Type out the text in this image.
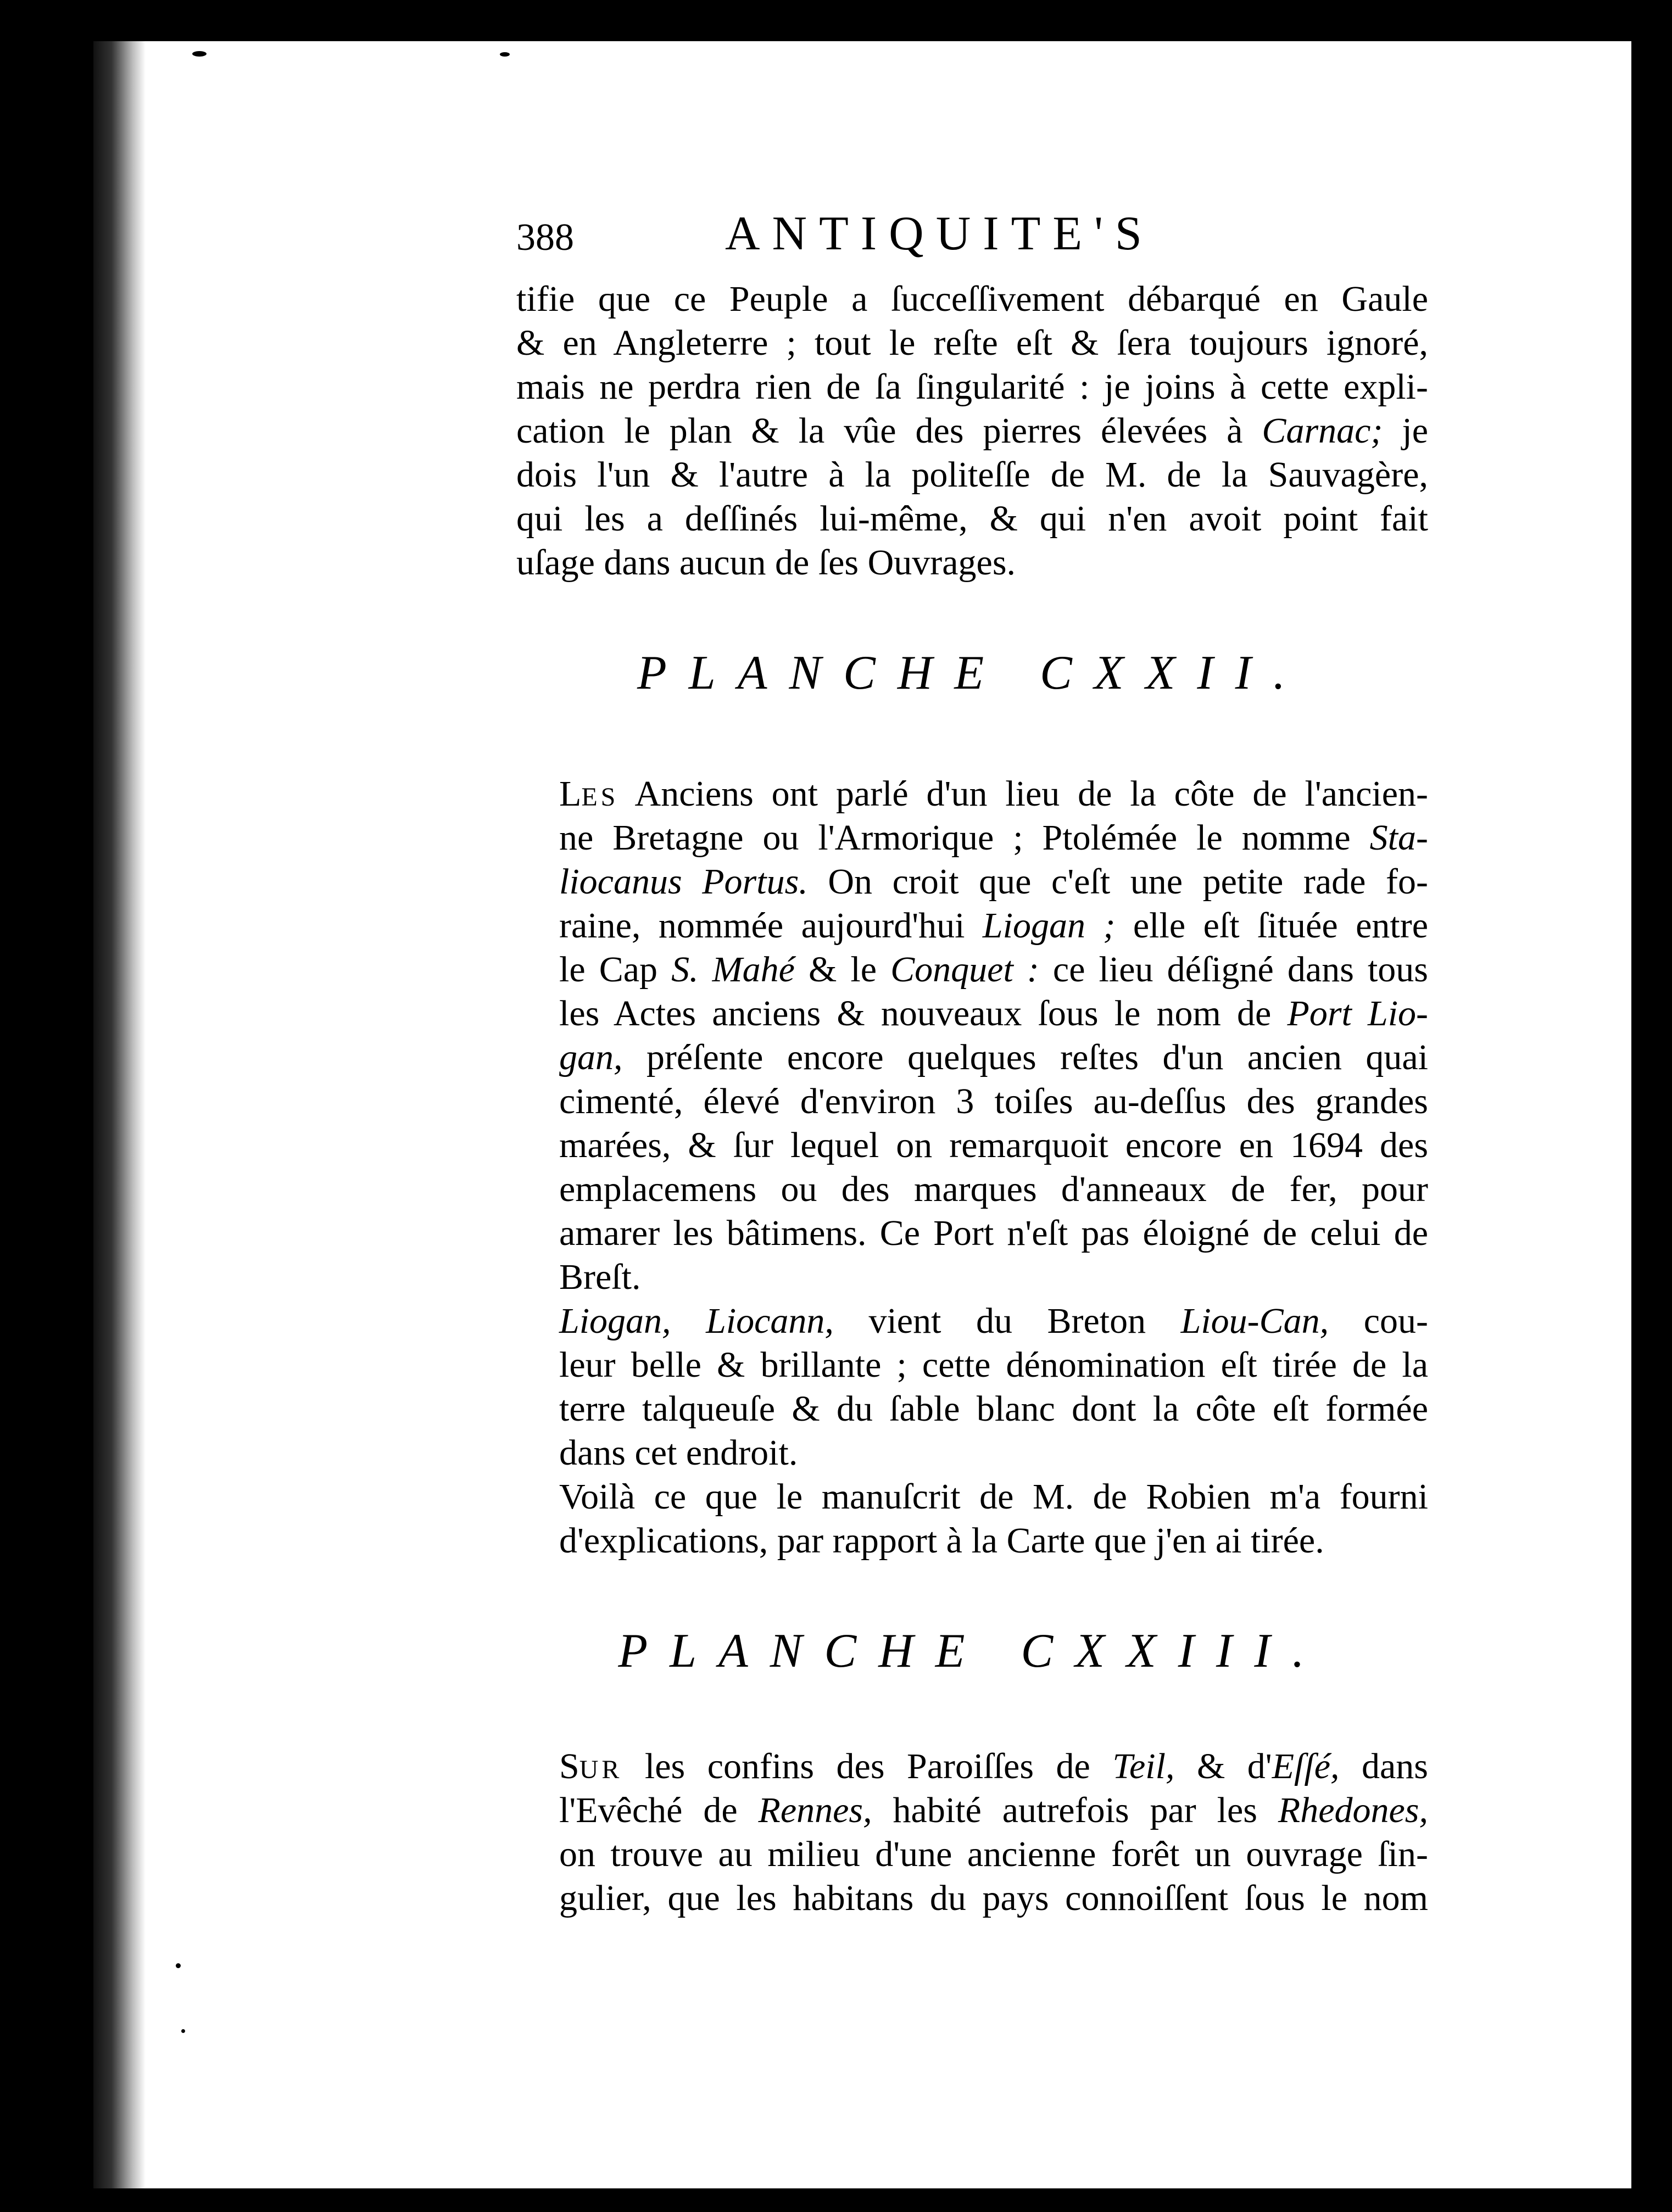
388	ANTIQUITE'S

tifie que ce Peuple a ſucceſſivement débarqué en Gaule

& en Angleterre ; tout le reſte eſt & ſera toujours ignoré,

mais ne perdra rien de ſa ſingularité : je joins à cette expli-

cation le plan & la vûe des pierres élevées à Carnac; je

dois l'un & l'autre à la politeſſe de M. de la Sauvagère,

qui les a deſſinés lui-même, & qui n'en avoit point fait

uſage dans aucun de ſes Ouvrages.

PLANCHE CXXII.

LES Anciens ont parlé d'un lieu de la côte de l'ancien-

ne Bretagne ou l'Armorique ; Ptolémée le nomme Sta-

liocanus Portus. On croit que c'eſt une petite rade fo-

raine, nommée aujourd'hui Liogan ; elle eſt ſituée entre

le Cap S. Mahé & le Conquet : ce lieu déſigné dans tous

les Actes anciens & nouveaux ſous le nom de Port Lio-

gan, préſente encore quelques reſtes d'un ancien quai

cimenté, élevé d'environ 3 toiſes au-deſſus des grandes

marées, & ſur lequel on remarquoit encore en 1694 des

emplacemens ou des marques d'anneaux de fer, pour

amarer les bâtimens. Ce Port n'eſt pas éloigné de celui de

Breſt.

Liogan, Liocann, vient du Breton Liou-Can, cou-

leur belle & brillante ; cette dénomination eſt tirée de la

terre talqueuſe & du ſable blanc dont la côte eſt formée

dans cet endroit.

Voilà ce que le manuſcrit de M. de Robien m'a fourni

d'explications, par rapport à la Carte que j'en ai tirée.

PLANCHE CXXIII.

SUR les confins des Paroiſſes de Teil, & d'Eſſé, dans

l'Evêché de Rennes, habité autrefois par les Rhedones,

on trouve au milieu d'une ancienne forêt un ouvrage ſin-

gulier, que les habitans du pays connoiſſent ſous le nom
